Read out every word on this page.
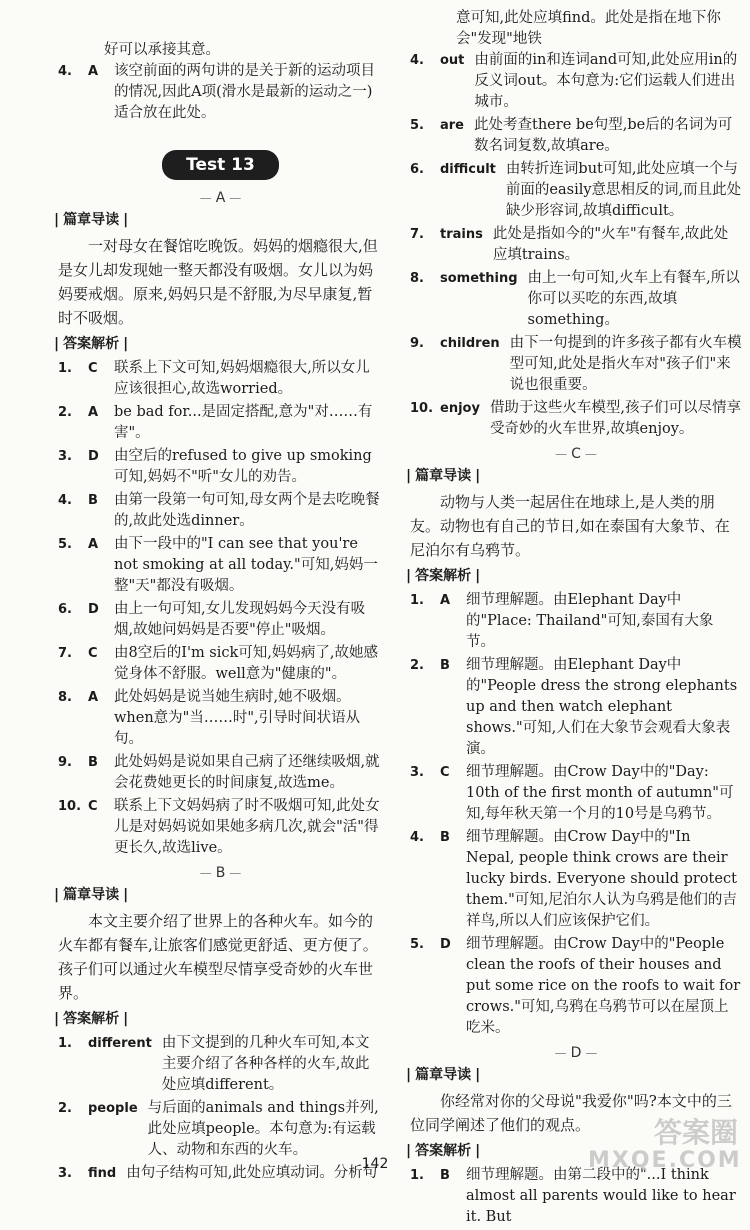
好可以承接其意。
4.	A	该空前面的两句讲的是关于新的运动项目的情况,因此A项(滑水是最新的运动之一)适合放在此处。
Test 13
— A —
| 篇章导读 |
一对母女在餐馆吃晚饭。妈妈的烟瘾很大,但是女儿却发现她一整天都没有吸烟。女儿以为妈妈要戒烟。原来,妈妈只是不舒服,为尽早康复,暂时不吸烟。
| 答案解析 |
1.	C	联系上下文可知,妈妈烟瘾很大,所以女儿应该很担心,故选worried。
2.	A	be bad for...是固定搭配,意为"对……有害"。
3.	D	由空后的refused to give up smoking可知,妈妈不"听"女儿的劝告。
4.	B	由第一段第一句可知,母女两个是去吃晚餐的,故此处选dinner。
5.	A	由下一段中的"I can see that you're not smoking at all today."可知,妈妈一整"天"都没有吸烟。
6.	D	由上一句可知,女儿发现妈妈今天没有吸烟,故她问妈妈是否要"停止"吸烟。
7.	C	由8空后的I'm sick可知,妈妈病了,故她感觉身体不舒服。well意为"健康的"。
8.	A	此处妈妈是说当她生病时,她不吸烟。when意为"当……时",引导时间状语从句。
9.	B	此处妈妈是说如果自己病了还继续吸烟,就会花费她更长的时间康复,故选me。
10. C	联系上下文妈妈病了时不吸烟可知,此处女儿是对妈妈说如果她多病几次,就会"活"得更长久,故选live。
— B —
| 篇章导读 |
本文主要介绍了世界上的各种火车。如今的火车都有餐车,让旅客们感觉更舒适、更方便了。孩子们可以通过火车模型尽情享受奇妙的火车世界。
| 答案解析 |
1.	different 由下文提到的几种火车可知,本文主要介绍了各种各样的火车,故此处应填different。
2.	people 与后面的animals and things并列,此处应填people。本句意为:有运载人、动物和东西的火车。
3.	find 由句子结构可知,此处应填动词。分析句
意可知,此处应填find。此处是指在地下你会"发现"地铁
4.	out 由前面的in和连词and可知,此处应用in的反义词out。本句意为:它们运载人们进出城市。
5.	are 此处考查there be句型,be后的名词为可数名词复数,故填are。
6.	difficult 由转折连词but可知,此处应填一个与前面的easily意思相反的词,而且此处缺少形容词,故填difficult。
7.	trains 此处是指如今的"火车"有餐车,故此处应填trains。
8.	something 由上一句可知,火车上有餐车,所以你可以买吃的东西,故填something。
9.	children 由下一句提到的许多孩子都有火车模型可知,此处是指火车对"孩子们"来说也很重要。
10. enjoy 借助于这些火车模型,孩子们可以尽情享受奇妙的火车世界,故填enjoy。
— C —
| 篇章导读 |
动物与人类一起居住在地球上,是人类的朋友。动物也有自己的节日,如在泰国有大象节、在尼泊尔有乌鸦节。
| 答案解析 |
1.	A	细节理解题。由Elephant Day中的"Place: Thailand"可知,泰国有大象节。
2.	B	细节理解题。由Elephant Day中的"People dress the strong elephants up and then watch elephant shows."可知,人们在大象节会观看大象表演。
3.	C	细节理解题。由Crow Day中的"Day: 10th of the first month of autumn"可知,每年秋天第一个月的10号是乌鸦节。
4.	B	细节理解题。由Crow Day中的"In Nepal, people think crows are their lucky birds. Everyone should protect them."可知,尼泊尔人认为乌鸦是他们的吉祥鸟,所以人们应该保护它们。
5.	D	细节理解题。由Crow Day中的"People clean the roofs of their houses and put some rice on the roofs to wait for crows."可知,乌鸦在乌鸦节可以在屋顶上吃米。
— D —
| 篇章导读 |
你经常对你的父母说"我爱你"吗?本文中的三位同学阐述了他们的观点。
| 答案解析 |
1.	B	细节理解题。由第二段中的"...I think almost all parents would like to hear it. But
142
答案圈
MXQE.COM
